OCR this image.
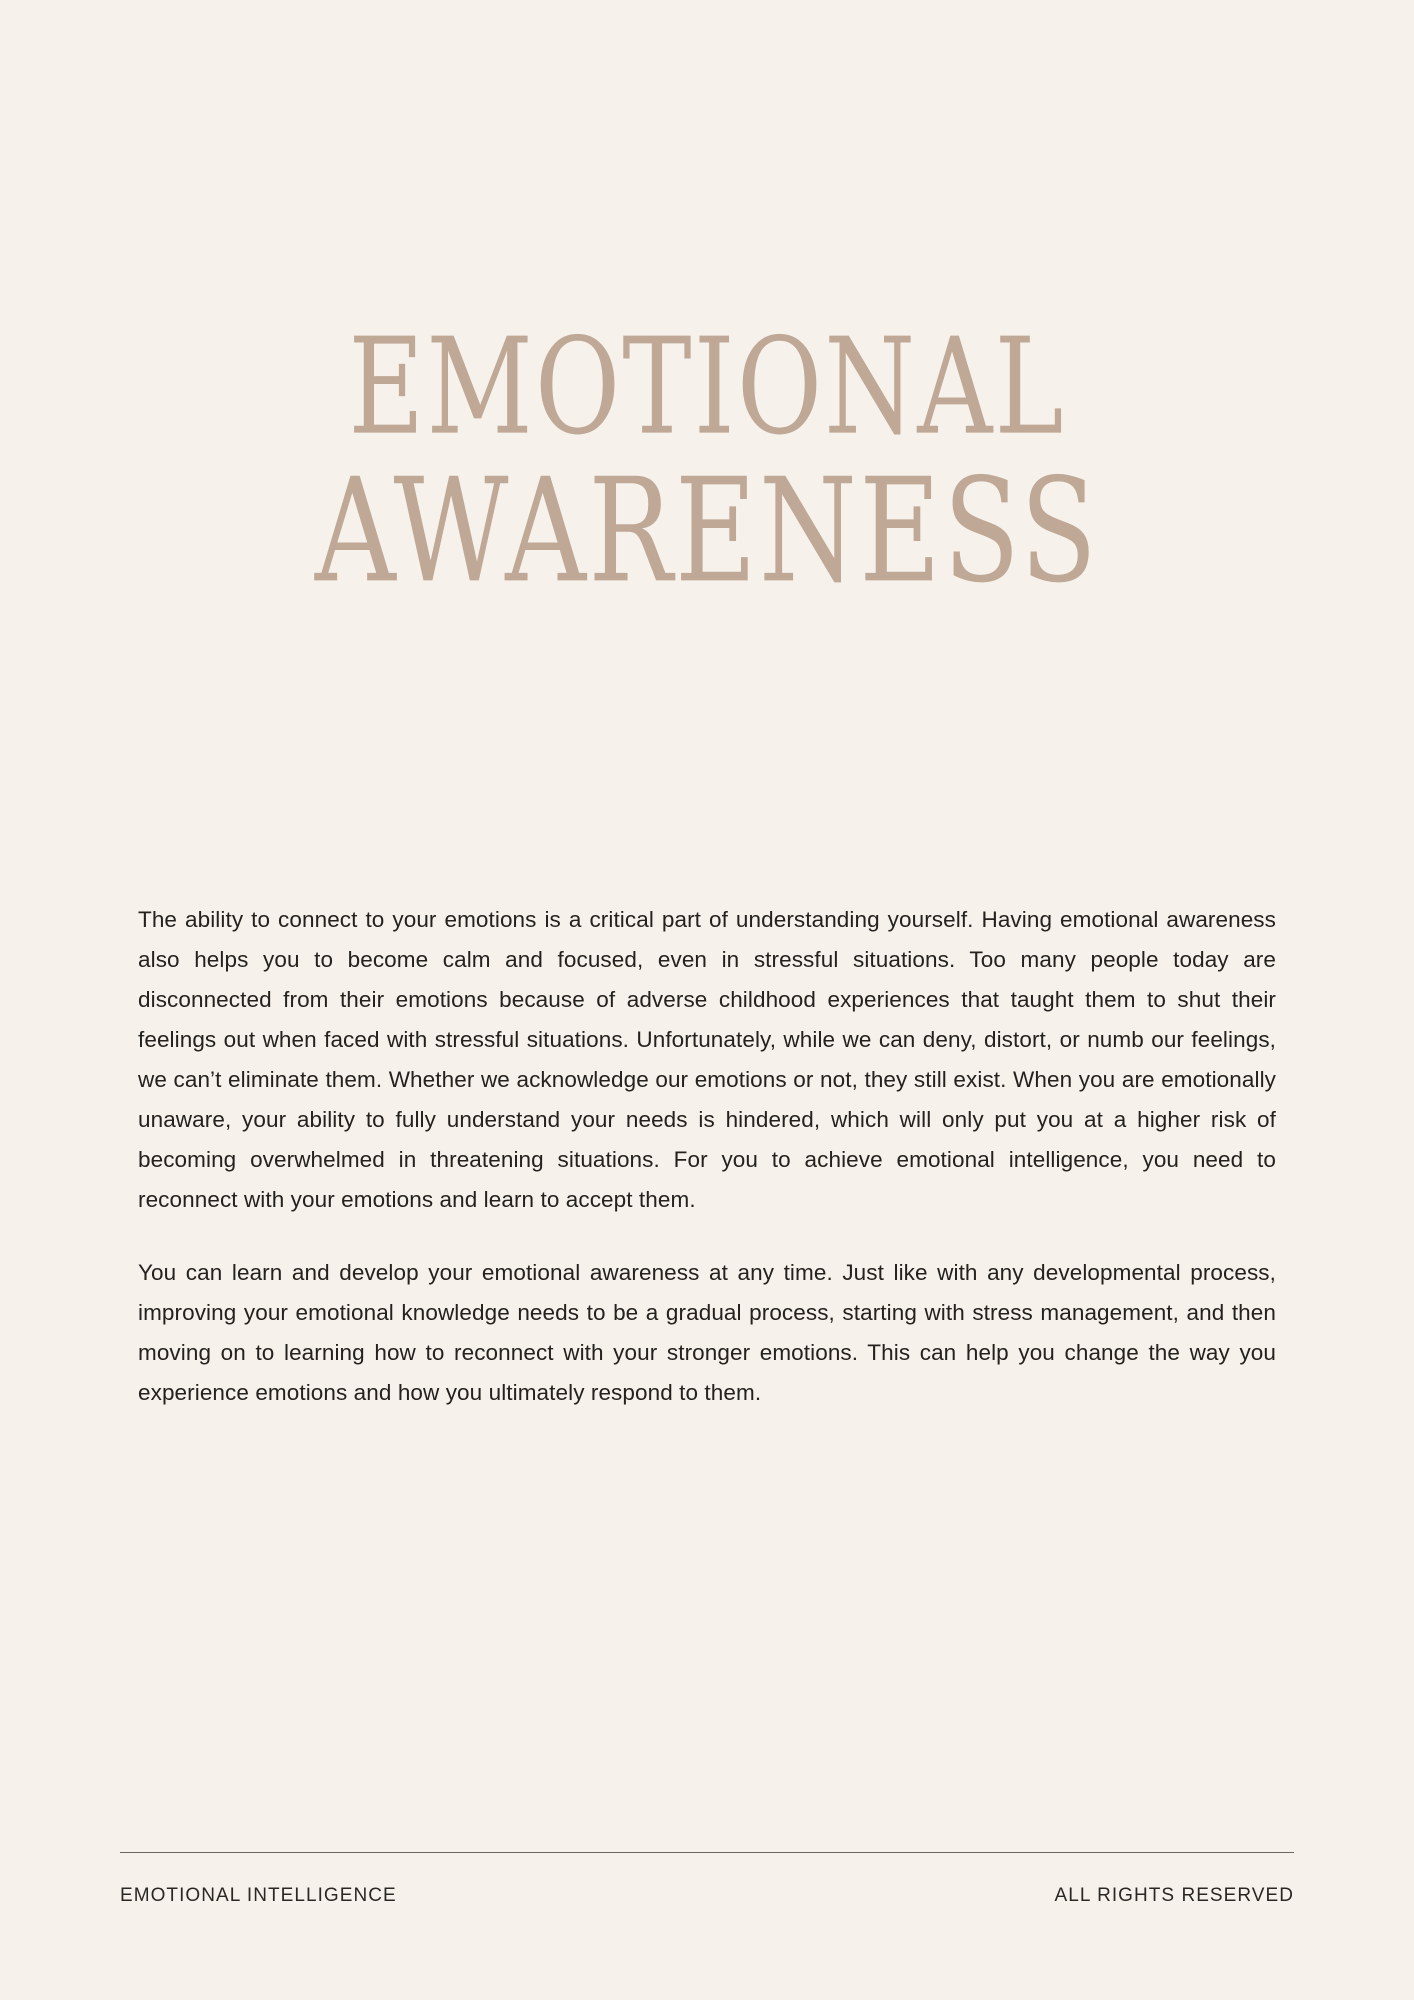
EMOTIONAL
AWARENESS

The ability to connect to your emotions is a critical part of understanding yourself. Having emotional awareness also helps you to become calm and focused, even in stressful situations. Too many people today are disconnected from their emotions because of adverse childhood experiences that taught them to shut their feelings out when faced with stressful situations. Unfortunately, while we can deny, distort, or numb our feelings, we can’t eliminate them. Whether we acknowledge our emotions or not, they still exist. When you are emotionally unaware, your ability to fully understand your needs is hindered, which will only put you at a higher risk of becoming overwhelmed in threatening situations. For you to achieve emotional intelligence, you need to reconnect with your emotions and learn to accept them.

You can learn and develop your emotional awareness at any time. Just like with any developmental process, improving your emotional knowledge needs to be a gradual process, starting with stress management, and then moving on to learning how to reconnect with your stronger emotions. This can help you change the way you experience emotions and how you ultimately respond to them.

EMOTIONAL INTELLIGENCE	ALL RIGHTS RESERVED
